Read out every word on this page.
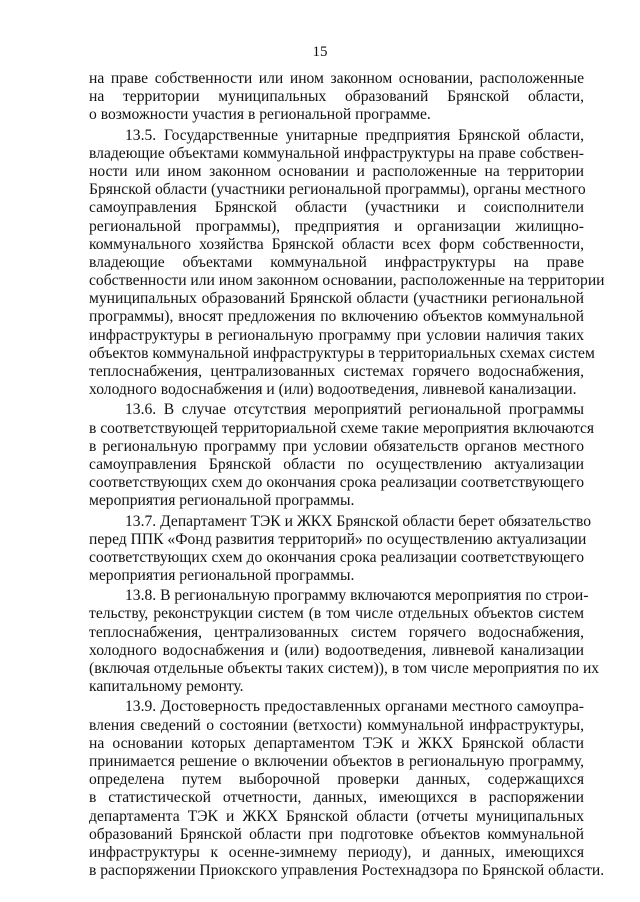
15
на праве собственности или ином законном основании, расположенные
на территории муниципальных образований Брянской области,
о возможности участия в региональной программе.
13.5. Государственные унитарные предприятия Брянской области,
владеющие объектами коммунальной инфраструктуры на праве собствен-
ности или ином законном основании и расположенные на территории
Брянской области (участники региональной программы), органы местного
самоуправления Брянской области (участники и соисполнители
региональной программы), предприятия и организации жилищно-
коммунального хозяйства Брянской области всех форм собственности,
владеющие объектами коммунальной инфраструктуры на праве
собственности или ином законном основании, расположенные на территории
муниципальных образований Брянской области (участники региональной
программы), вносят предложения по включению объектов коммунальной
инфраструктуры в региональную программу при условии наличия таких
объектов коммунальной инфраструктуры в территориальных схемах систем
теплоснабжения, централизованных системах горячего водоснабжения,
холодного водоснабжения и (или) водоотведения, ливневой канализации.
13.6. В случае отсутствия мероприятий региональной программы
в соответствующей территориальной схеме такие мероприятия включаются
в региональную программу при условии обязательств органов местного
самоуправления Брянской области по осуществлению актуализации
соответствующих схем до окончания срока реализации соответствующего
мероприятия региональной программы.
13.7. Департамент ТЭК и ЖКХ Брянской области берет обязательство
перед ППК «Фонд развития территорий» по осуществлению актуализации
соответствующих схем до окончания срока реализации соответствующего
мероприятия региональной программы.
13.8. В региональную программу включаются мероприятия по строи-
тельству, реконструкции систем (в том числе отдельных объектов систем
теплоснабжения, централизованных систем горячего водоснабжения,
холодного водоснабжения и (или) водоотведения, ливневой канализации
(включая отдельные объекты таких систем)), в том числе мероприятия по их
капитальному ремонту.
13.9. Достоверность предоставленных органами местного самоупра-
вления сведений о состоянии (ветхости) коммунальной инфраструктуры,
на основании которых департаментом ТЭК и ЖКХ Брянской области
принимается решение о включении объектов в региональную программу,
определена путем выборочной проверки данных, содержащихся
в статистической отчетности, данных, имеющихся в распоряжении
департамента ТЭК и ЖКХ Брянской области (отчеты муниципальных
образований Брянской области при подготовке объектов коммунальной
инфраструктуры к осенне-зимнему периоду), и данных, имеющихся
в распоряжении Приокского управления Ростехнадзора по Брянской области.
